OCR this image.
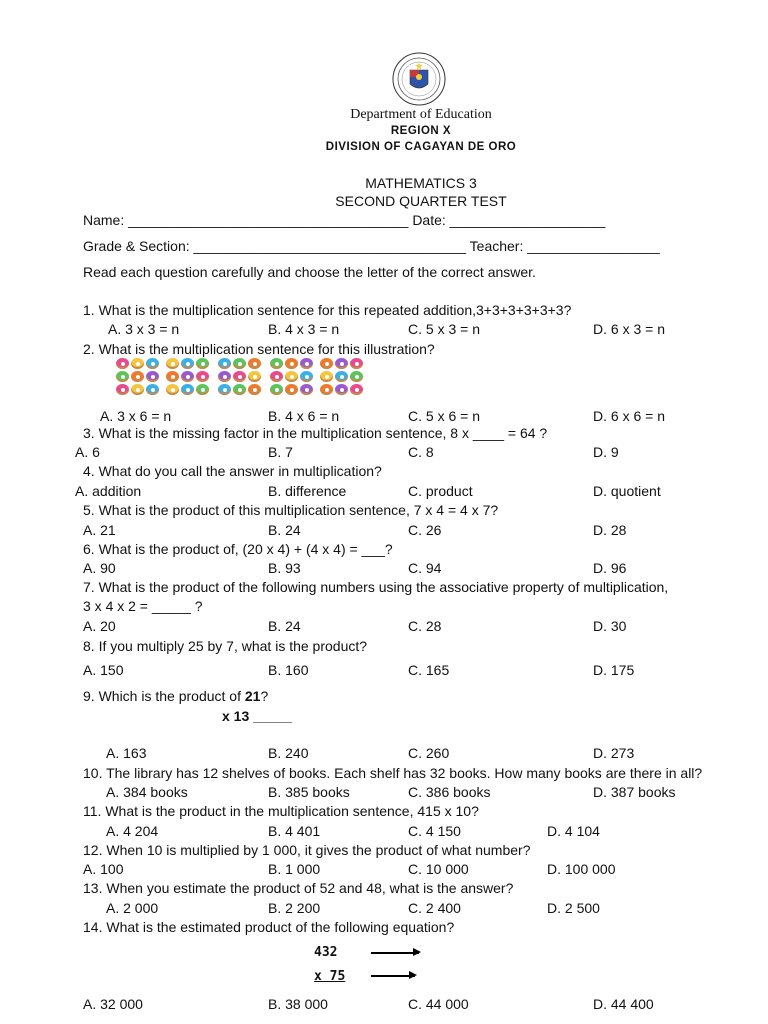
Department of Education
REGION X
DIVISION OF CAGAYAN DE ORO
MATHEMATICS 3
SECOND QUARTER TEST
Name: ____________________________________ Date: ____________________
Grade & Section: ___________________________________ Teacher: _________________
Read each question carefully and choose the letter of the correct answer.
1. What is the multiplication sentence for this repeated addition,3+3+3+3+3+3?
A. 3 x 3 = n	B. 4 x 3 = n	C. 5 x 3 = n	D. 6 x 3 = n
2. What is the multiplication sentence for this illustration?
A. 3 x 6 = n	B. 4 x 6 = n	C. 5 x 6 = n	D. 6 x 6 = n
3. What is the missing factor in the multiplication sentence, 8 x ____ = 64 ?
A. 6	B. 7	C. 8	D. 9
4. What do you call the answer in multiplication?
A. addition	B. difference	C. product	D. quotient
5. What is the product of this multiplication sentence, 7 x 4 = 4 x 7?
A. 21	B. 24	C. 26	D. 28
6. What is the product of, (20 x 4) + (4 x 4) = ___?
A. 90	B. 93	C. 94	D. 96
7. What is the product of the following numbers using the associative property of multiplication,
3 x 4 x 2 = _____ ?
A. 20	B. 24	C. 28	D. 30
8. If you multiply 25 by 7, what is the product?
A. 150	B. 160	C. 165	D. 175
9. Which is the product of 21?
x 13 _____
A. 163	B. 240	C. 260	D. 273
10. The library has 12 shelves of books. Each shelf has 32 books. How many books are there in all?
A. 384 books	B. 385 books	C. 386 books	D. 387 books
11. What is the product in the multiplication sentence, 415 x 10?
A. 4 204	B. 4 401	C. 4 150	D. 4 104
12. When 10 is multiplied by 1 000, it gives the product of what number?
A. 100	B. 1 000	C. 10 000	D. 100 000
13. When you estimate the product of 52 and 48, what is the answer?
A. 2 000	B. 2 200	C. 2 400	D. 2 500
14. What is the estimated product of the following equation?
432
x 75
A. 32 000	B. 38 000	C. 44 000	D. 44 400
